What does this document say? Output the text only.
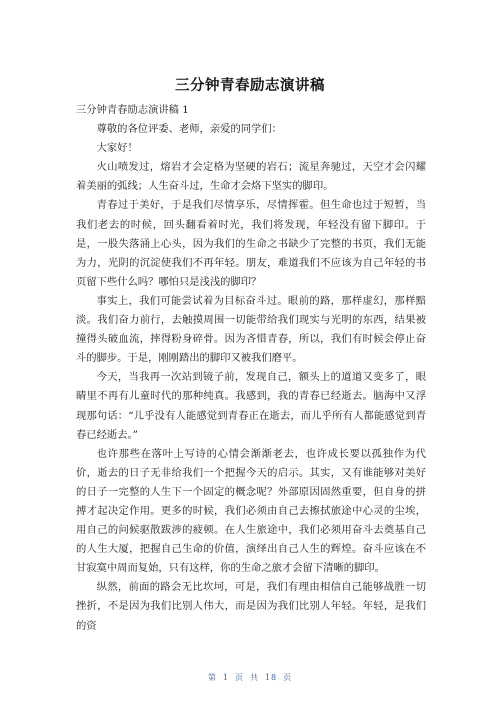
三分钟青春励志演讲稿

三分钟青春励志演讲稿 1

尊敬的各位评委、老师，亲爱的同学们：

大家好！

火山喷发过，熔岩才会定格为坚硬的岩石；流星奔驰过，天空才会闪耀着美丽的弧线；人生奋斗过，生命才会烙下坚实的脚印。

青春过于美好，于是我们尽情享乐，尽情挥霍。但生命也过于短暂，当我们老去的时候，回头翻看着时光，我们将发现，年轻没有留下脚印。于是，一股失落涌上心头，因为我们的生命之书缺少了完整的书页，我们无能为力，光阴的沉淀使我们不再年轻。朋友，难道我们不应该为自己年轻的书页留下些什么吗？哪怕只是浅浅的脚印？

事实上，我们可能尝试着为目标奋斗过。眼前的路，那样虚幻，那样黯淡。我们奋力前行，去触摸周围一切能带给我们现实与光明的东西，结果被撞得头破血流，摔得粉身碎骨。因为吝惜青春，所以，我们有时候会停止奋斗的脚步。于是，刚刚踏出的脚印又被我们磨平。

今天，当我再一次站到镜子前，发现自己，额头上的道道又变多了，眼睛里不再有儿童时代的那种纯真。我感到，我的青春已经逝去。脑海中又浮现那句话：“儿乎没有人能感觉到青春正在逝去，而儿乎所有人都能感觉到青春已经逝去。”

也许那些在落叶上写诗的心情会渐渐老去，也许成长要以孤独作为代价，逝去的日子无非给我们一个把握今天的启示。其实，又有谁能够对美好的日子一完整的人生下一个固定的概念呢？外部原因固然重要，但自身的拼搏才起决定作用。更多的时候，我们必须由自己去擦拭旅途中心灵的尘埃，用自己的问候驱散跋涉的疲顿。在人生旅途中，我们必须用奋斗去奠基自己的人生大厦，把握自己生命的价值，演绎出自己人生的辉煌。奋斗应该在不甘寂寞中周而复始，只有这样，你的生命之旅才会留下清晰的脚印。

纵然，前面的路会无比坎坷，可是，我们有理由相信自己能够战胜一切挫折，不是因为我们比别人伟大，而是因为我们比别人年轻。年轻，是我们的资

第 1 页 共 18 页
